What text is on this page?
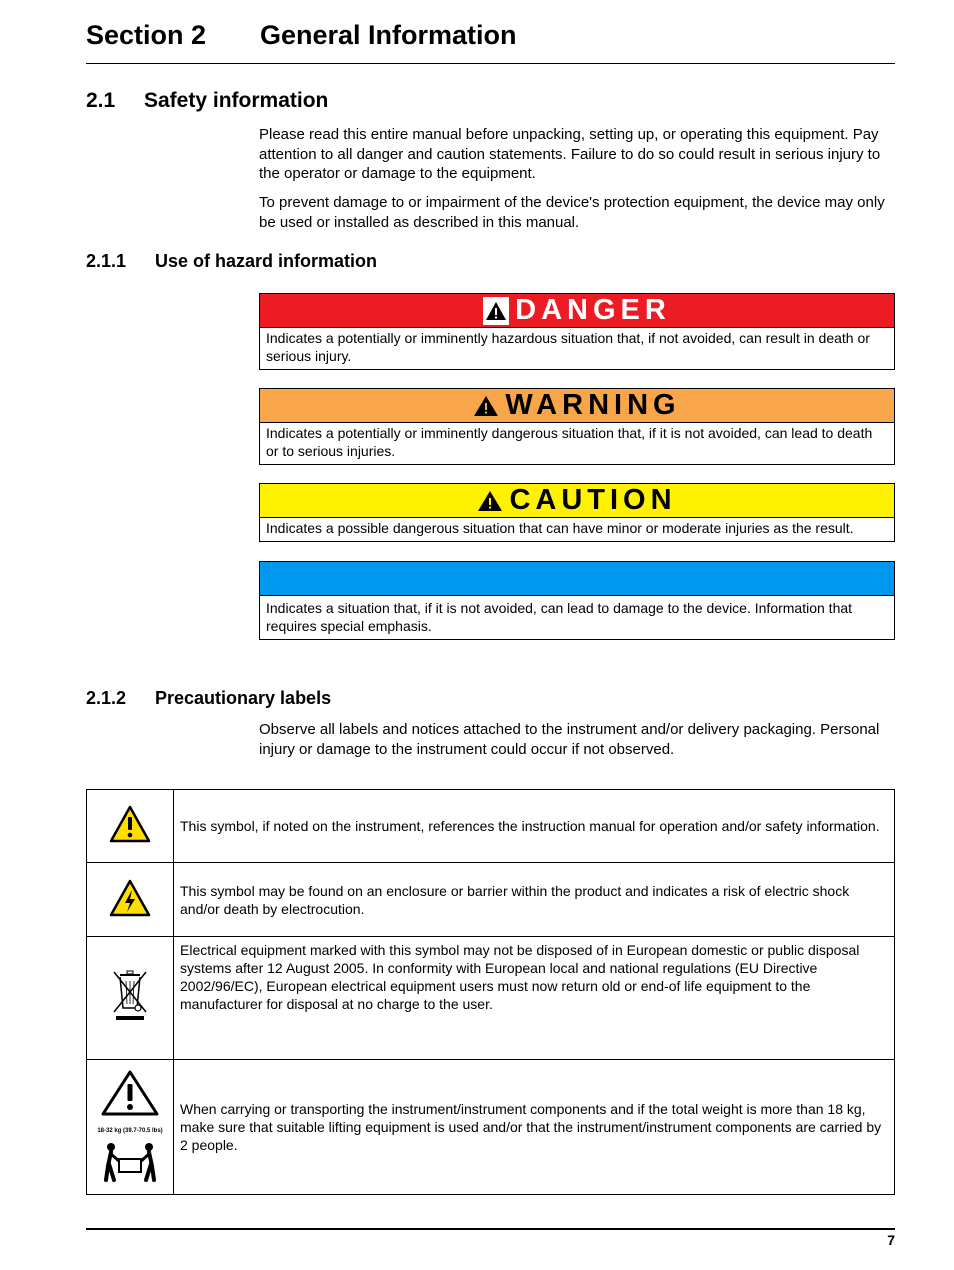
Section 2 General Information
2.1 Safety information

Please read this entire manual before unpacking, setting up, or operating this equipment. Pay attention to all danger and caution statements. Failure to do so could result in serious injury to the operator or damage to the equipment.

To prevent damage to or impairment of the device's protection equipment, the device may only be used or installed as described in this manual.

2.1.1 Use of hazard information
DANGER
Indicates a potentially or imminently hazardous situation that, if not avoided, can result in death or serious injury.
WARNING
Indicates a potentially or imminently dangerous situation that, if it is not avoided, can lead to death or to serious injuries.
CAUTION
Indicates a possible dangerous situation that can have minor or moderate injuries as the result.
Indicates a situation that, if it is not avoided, can lead to damage to the device. Information that requires special emphasis.
2.1.2 Precautionary labels

Observe all labels and notices attached to the instrument and/or delivery packaging. Personal injury or damage to the instrument could occur if not observed.

	This symbol, if noted on the instrument, references the instruction manual for operation and/or safety information.
	This symbol may be found on an enclosure or barrier within the product and indicates a risk of electric shock and/or death by electrocution.
	Electrical equipment marked with this symbol may not be disposed of in European domestic or public disposal systems after 12 August 2005. In conformity with European local and national regulations (EU Directive 2002/96/EC), European electrical equipment users must now return old or end-of life equipment to the manufacturer for disposal at no charge to the user.

18-32 kg (39.7-70.5 lbs)	When carrying or transporting the instrument/instrument components and if the total weight is more than 18 kg, make sure that suitable lifting equipment is used and/or that the instrument/instrument components are carried by 2 people.
7
